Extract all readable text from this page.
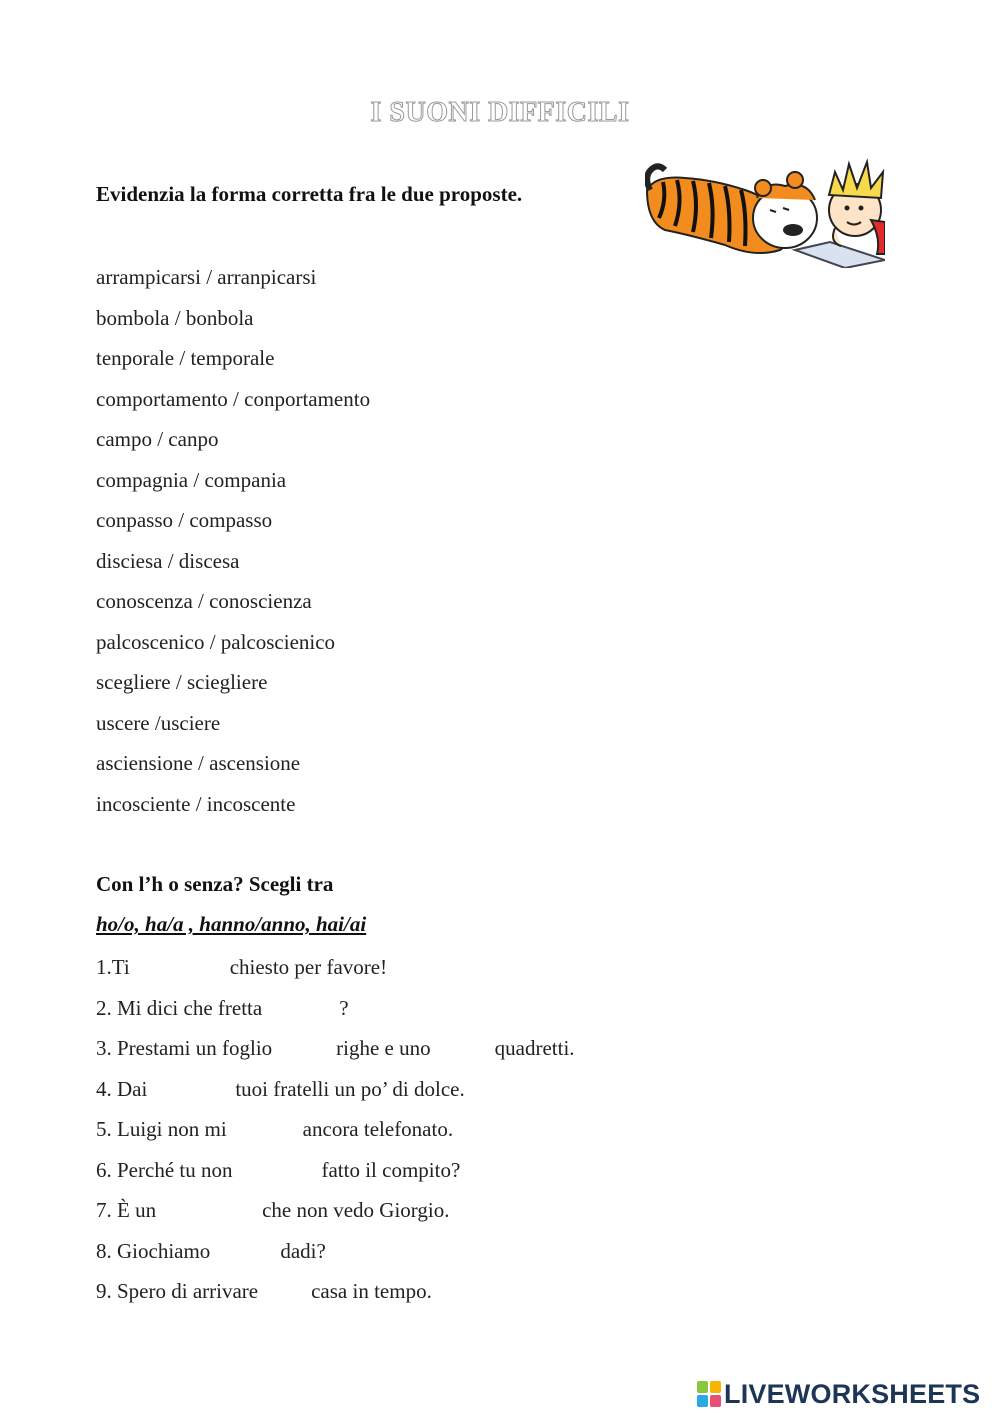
I SUONI DIFFICILI
Evidenzia la forma corretta fra le due proposte.
arrampicarsi / arranpicarsi
bombola / bonbola
tenporale / temporale
comportamento / conportamento
campo / canpo
compagnia / compania
conpasso / compasso
disciesa / discesa
conoscenza / conoscienza
palcoscenico / palcoscienico
scegliere / sciegliere
uscere /usciere
asciensione / ascensione
incosciente / incoscente
Con l’h o senza? Scegli tra
ho/o, ha/a , hanno/anno, hai/ai
1.Ti	chiesto per favore!
2. Mi dici che fretta	?
3. Prestami un foglio	righe e uno	quadretti.
4. Dai	tuoi fratelli un po’ di dolce.
5. Luigi non mi	ancora telefonato.
6. Perché tu non	fatto il compito?
7. È un	che non vedo Giorgio.
8. Giochiamo	dadi?
9. Spero di arrivare	casa in tempo.
LIVEWORKSHEETS
